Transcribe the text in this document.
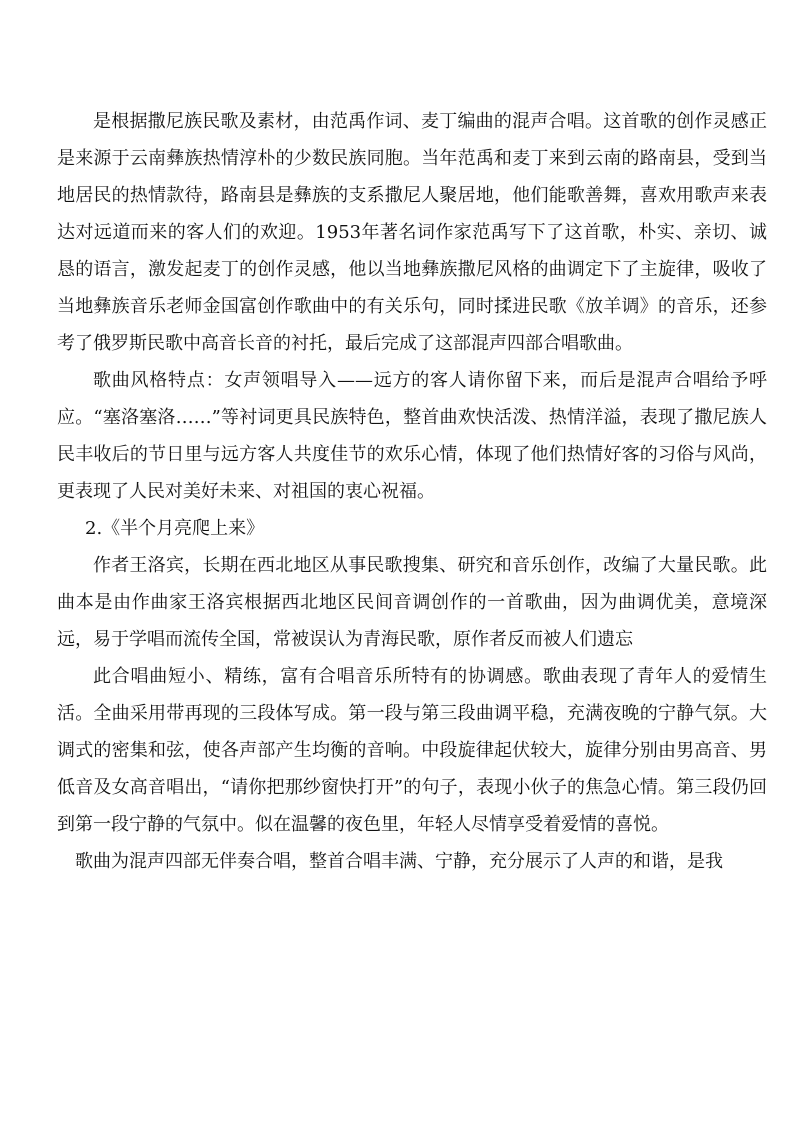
是根据撒尼族民歌及素材，由范禹作词、麦丁编曲的混声合唱。这首歌的创作灵感正是来源于云南彝族热情淳朴的少数民族同胞。当年范禹和麦丁来到云南的路南县，受到当地居民的热情款待，路南县是彝族的支系撒尼人聚居地，他们能歌善舞，喜欢用歌声来表达对远道而来的客人们的欢迎。1953年著名词作家范禹写下了这首歌，朴实、亲切、诚恳的语言，激发起麦丁的创作灵感，他以当地彝族撒尼风格的曲调定下了主旋律，吸收了当地彝族音乐老师金国富创作歌曲中的有关乐句，同时揉进民歌《放羊调》的音乐，还参考了俄罗斯民歌中高音长音的衬托，最后完成了这部混声四部合唱歌曲。

歌曲风格特点：女声领唱导入——远方的客人请你留下来，而后是混声合唱给予呼应。“塞洛塞洛……”等衬词更具民族特色，整首曲欢快活泼、热情洋溢，表现了撒尼族人民丰收后的节日里与远方客人共度佳节的欢乐心情，体现了他们热情好客的习俗与风尚，更表现了人民对美好未来、对祖国的衷心祝福。

2.《半个月亮爬上来》

作者王洛宾，长期在西北地区从事民歌搜集、研究和音乐创作，改编了大量民歌。此曲本是由作曲家王洛宾根据西北地区民间音调创作的一首歌曲，因为曲调优美，意境深远，易于学唱而流传全国，常被误认为青海民歌，原作者反而被人们遗忘

此合唱曲短小、精练，富有合唱音乐所特有的协调感。歌曲表现了青年人的爱情生活。全曲采用带再现的三段体写成。第一段与第三段曲调平稳，充满夜晚的宁静气氛。大调式的密集和弦，使各声部产生均衡的音响。中段旋律起伏较大，旋律分别由男高音、男低音及女高音唱出，“请你把那纱窗快打开”的句子，表现小伙子的焦急心情。第三段仍回到第一段宁静的气氛中。似在温馨的夜色里，年轻人尽情享受着爱情的喜悦。

歌曲为混声四部无伴奏合唱，整首合唱丰满、宁静，充分展示了人声的和谐，是我
